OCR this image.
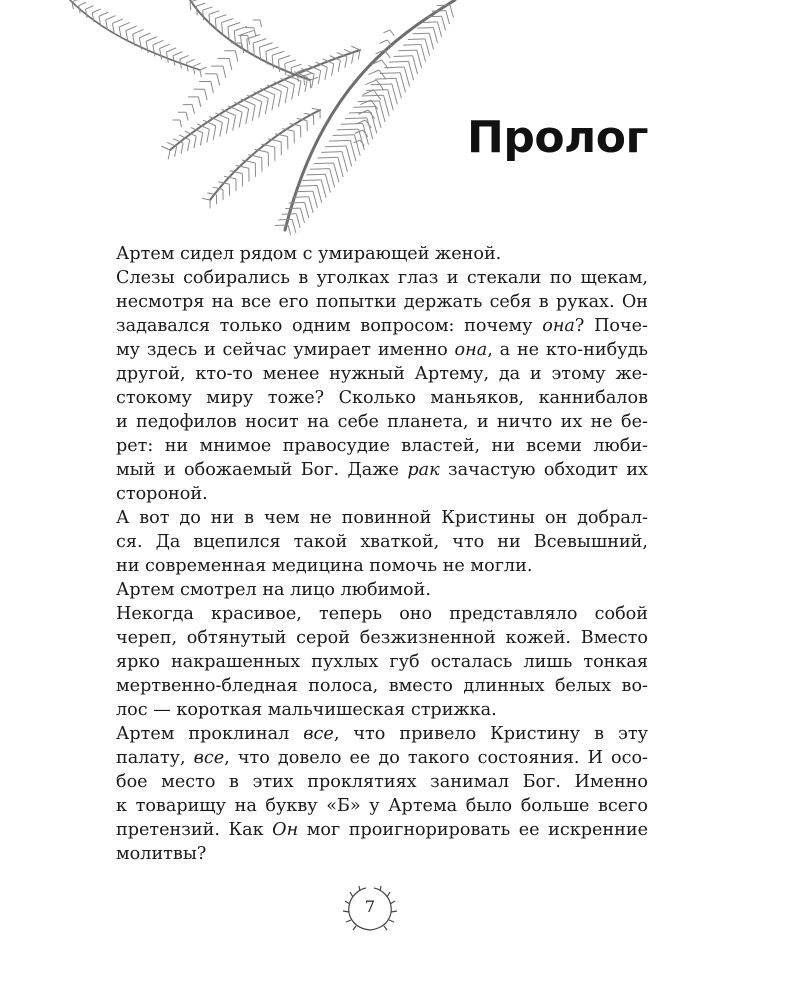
Пролог
Артем сидел рядом с умирающей женой.
Слезы собирались в уголках глаз и стекали по щекам,
несмотря на все его попытки держать себя в руках. Он
задавался только одним вопросом: почему она? Поче-
му здесь и сейчас умирает именно она, а не кто-нибудь
другой, кто-то менее нужный Артему, да и этому же-
стокому миру тоже? Сколько маньяков, каннибалов
и педофилов носит на себе планета, и ничто их не бе-
рет: ни мнимое правосудие властей, ни всеми люби-
мый и обожаемый Бог. Даже рак зачастую обходит их
стороной.
А вот до ни в чем не повинной Кристины он добрал-
ся. Да вцепился такой хваткой, что ни Всевышний,
ни современная медицина помочь не могли.
Артем смотрел на лицо любимой.
Некогда красивое, теперь оно представляло собой
череп, обтянутый серой безжизненной кожей. Вместо
ярко накрашенных пухлых губ осталась лишь тонкая
мертвенно-бледная полоса, вместо длинных белых во-
лос — короткая мальчишеская стрижка.
Артем проклинал все, что привело Кристину в эту
палату, все, что довело ее до такого состояния. И осо-
бое место в этих проклятиях занимал Бог. Именно
к товарищу на букву «Б» у Артема было больше всего
претензий. Как Он мог проигнорировать ее искренние
молитвы?
7
